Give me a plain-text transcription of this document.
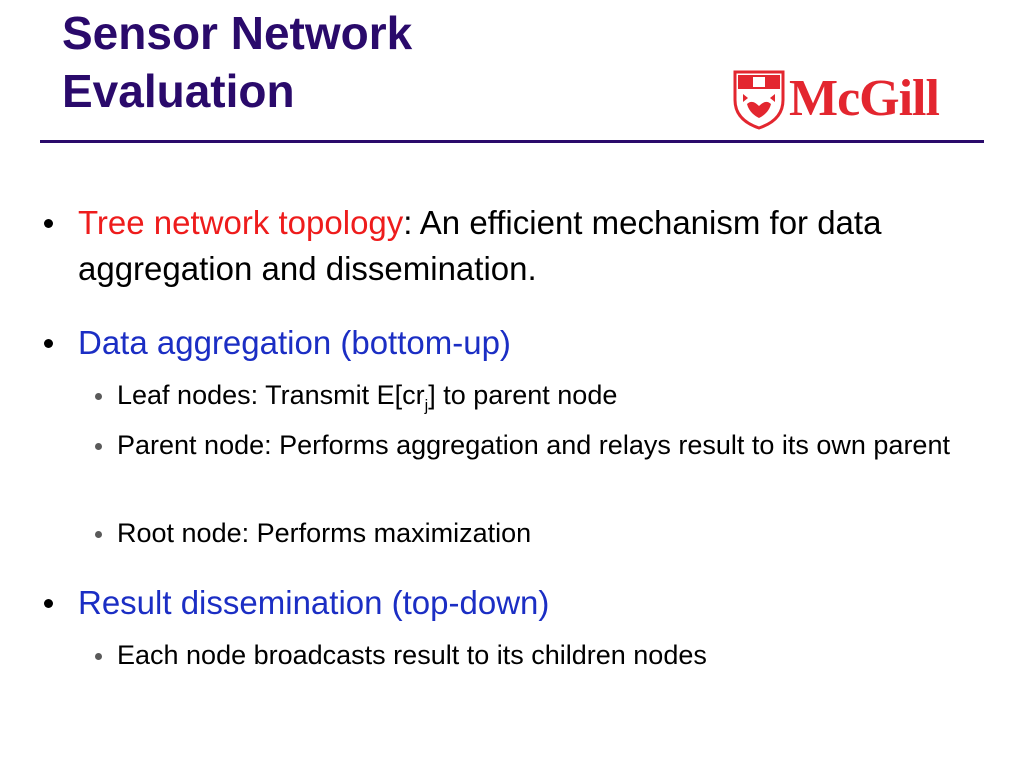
Sensor Network
Evaluation	McGill
Tree network topology: An efficient mechanism for data aggregation and dissemination.
Data aggregation (bottom-up)
Leaf nodes: Transmit $E[cr_j]$ to parent node
Parent node: Performs aggregation and relays result to its own parent
Root node: Performs maximization
Result dissemination (top-down)
Each node broadcasts result to its children nodes
